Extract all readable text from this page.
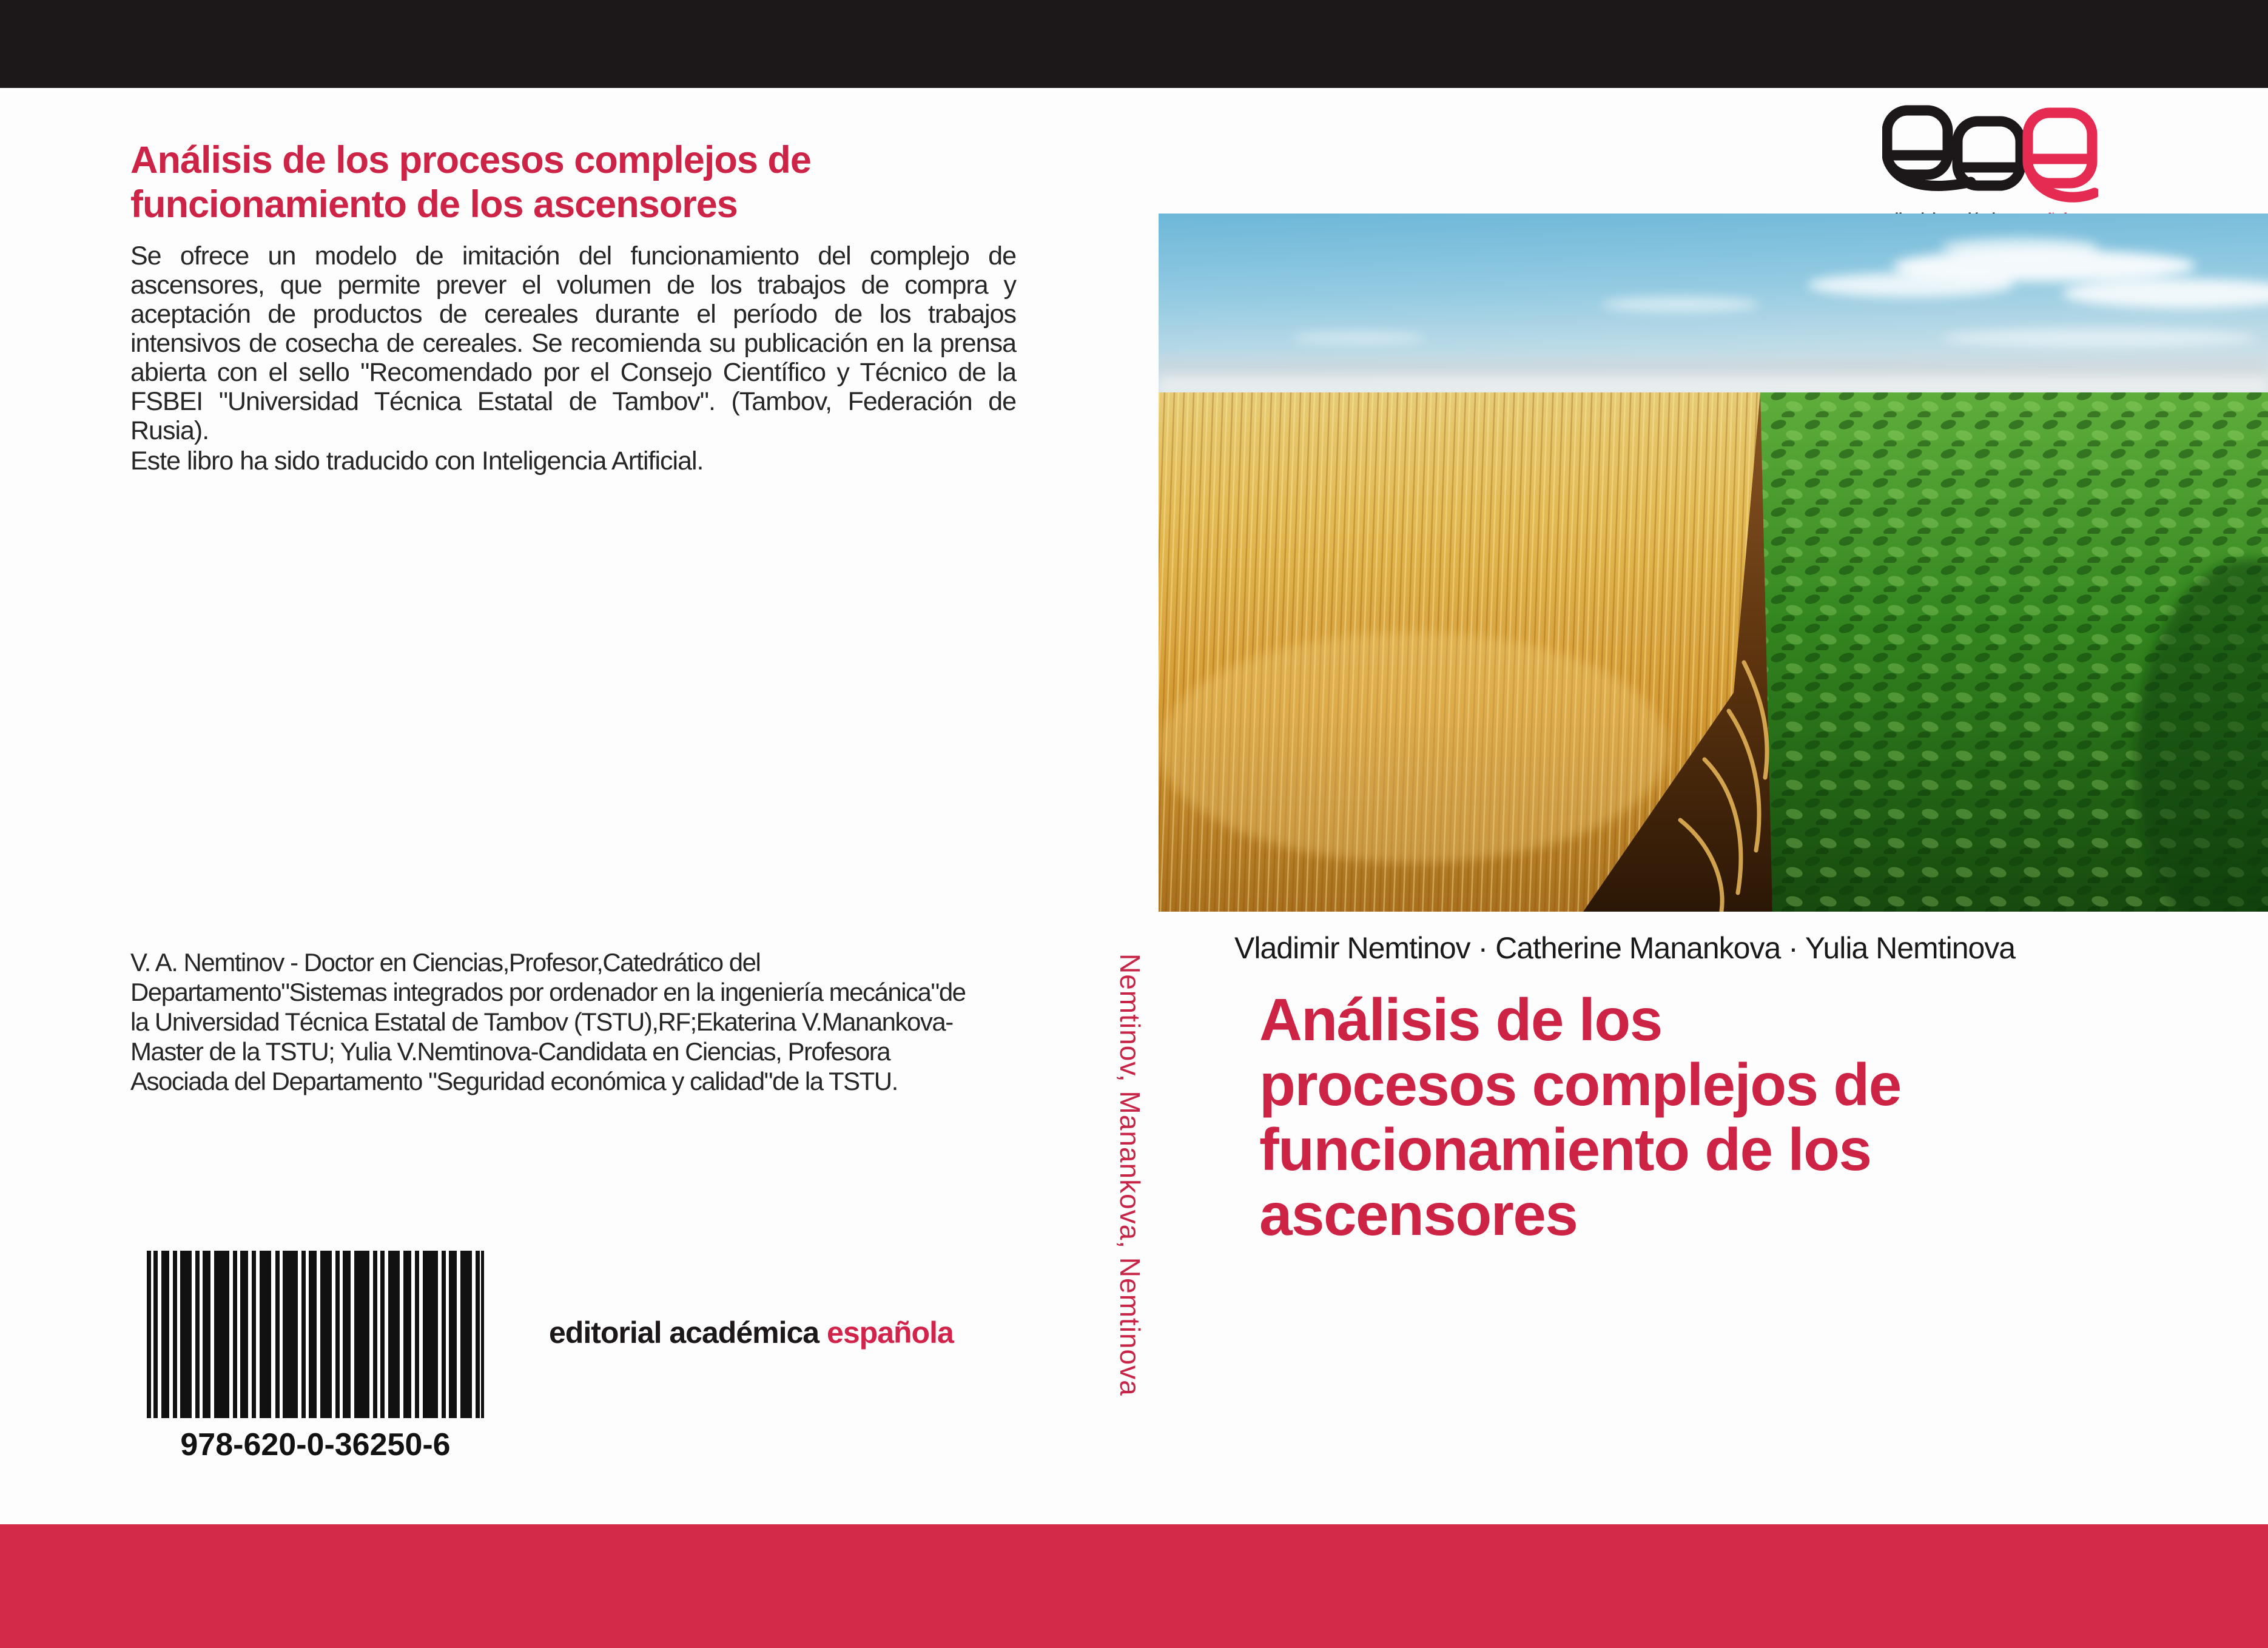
Análisis de los procesos complejos de
funcionamiento de los ascensores
Se ofrece un modelo de imitación del funcionamiento del complejo de ascensores, que permite prever el volumen de los trabajos de compra y aceptación de productos de cereales durante el período de los trabajos intensivos de cosecha de cereales. Se recomienda su publicación en la prensa abierta con el sello "Recomendado por el Consejo Científico y Técnico de la FSBEI "Universidad Técnica Estatal de Tambov". (Tambov, Federación de Rusia).
Este libro ha sido traducido con Inteligencia Artificial.
V. A. Nemtinov - Doctor en Ciencias,Profesor,Catedrático del Departamento"Sistemas integrados por ordenador en la ingeniería mecánica"de la Universidad Técnica Estatal de Tambov (TSTU),RF;Ekaterina V.Manankova-Master de la TSTU; Yulia V.Nemtinova-Candidata en Ciencias, Profesora Asociada del Departamento "Seguridad económica y calidad"de la TSTU.
978-620-0-36250-6
editorial académica española	Nemtinov, Manankova, Nemtinova
Vladimir Nemtinov · Catherine Manankova · Yulia Nemtinova
Análisis de los
procesos complejos de
funcionamiento de los
ascensores
